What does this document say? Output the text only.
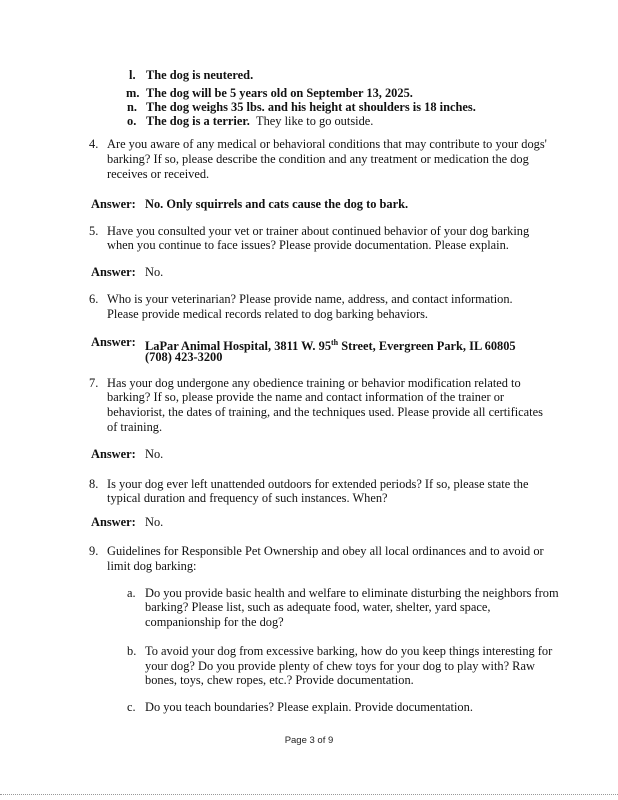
l. The dog is neutered.
m. The dog will be 5 years old on September 13, 2025.
n. The dog weighs 35 lbs. and his height at shoulders is 18 inches.
o. The dog is a terrier. They like to go outside.
4. Are you aware of any medical or behavioral conditions that may contribute to your dogs'
barking? If so, please describe the condition and any treatment or medication the dog
receives or received.
Answer: No. Only squirrels and cats cause the dog to bark.
5. Have you consulted your vet or trainer about continued behavior of your dog barking
when you continue to face issues? Please provide documentation. Please explain.
Answer: No.
6. Who is your veterinarian? Please provide name, address, and contact information.
Please provide medical records related to dog barking behaviors.
Answer: LaPar Animal Hospital, 3811 W. 95th Street, Evergreen Park, IL 60805
(708) 423-3200
7. Has your dog undergone any obedience training or behavior modification related to
barking? If so, please provide the name and contact information of the trainer or
behaviorist, the dates of training, and the techniques used. Please provide all certificates
of training.
Answer: No.
8. Is your dog ever left unattended outdoors for extended periods? If so, please state the
typical duration and frequency of such instances. When?
Answer: No.
9. Guidelines for Responsible Pet Ownership and obey all local ordinances and to avoid or
limit dog barking:
a. Do you provide basic health and welfare to eliminate disturbing the neighbors from
barking? Please list, such as adequate food, water, shelter, yard space,
companionship for the dog?
b. To avoid your dog from excessive barking, how do you keep things interesting for
your dog? Do you provide plenty of chew toys for your dog to play with? Raw
bones, toys, chew ropes, etc.? Provide documentation.
c. Do you teach boundaries? Please explain. Provide documentation.
Page 3 of 9
